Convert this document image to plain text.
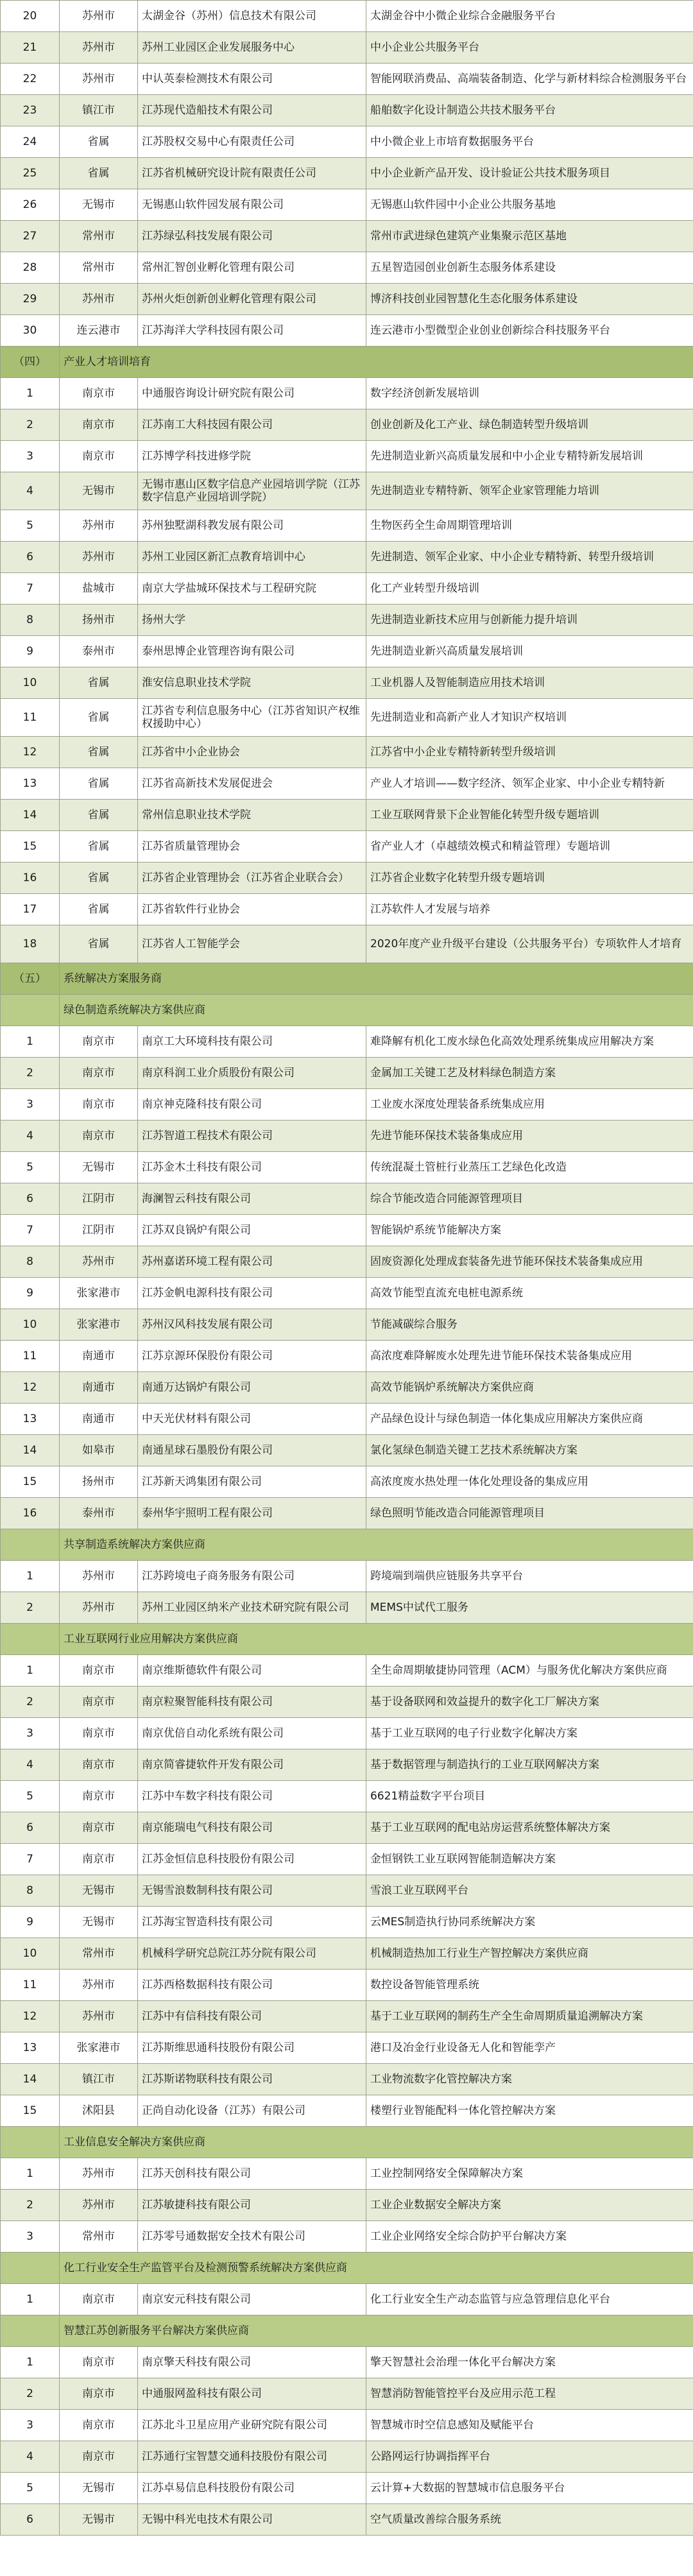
20	苏州市	太湖金谷（苏州）信息技术有限公司	太湖金谷中小微企业综合金融服务平台
21	苏州市	苏州工业园区企业发展服务中心	中小企业公共服务平台
22	苏州市	中认英泰检测技术有限公司	智能网联消费品、高端装备制造、化学与新材料综合检测服务平台
23	镇江市	江苏现代造船技术有限公司	船舶数字化设计制造公共技术服务平台
24	省属	江苏股权交易中心有限责任公司	中小微企业上市培育数据服务平台
25	省属	江苏省机械研究设计院有限责任公司	中小企业新产品开发、设计验证公共技术服务项目
26	无锡市	无锡惠山软件园发展有限公司	无锡惠山软件园中小企业公共服务基地
27	常州市	江苏绿弘科技发展有限公司	常州市武进绿色建筑产业集聚示范区基地
28	常州市	常州汇智创业孵化管理有限公司	五星智造园创业创新生态服务体系建设
29	苏州市	苏州火炬创新创业孵化管理有限公司	博济科技创业园智慧化生态化服务体系建设
30	连云港市	江苏海洋大学科技园有限公司	连云港市小型微型企业创业创新综合科技服务平台
（四）	产业人才培训培育		
1	南京市	中通服咨询设计研究院有限公司	数字经济创新发展培训
2	南京市	江苏南工大科技园有限公司	创业创新及化工产业、绿色制造转型升级培训
3	南京市	江苏博学科技进修学院	先进制造业新兴高质量发展和中小企业专精特新发展培训
4	无锡市	无锡市惠山区数字信息产业园培训学院（江苏数字信息产业园培训学院）	先进制造业专精特新、领军企业家管理能力培训
5	苏州市	苏州独墅湖科教发展有限公司	生物医药全生命周期管理培训
6	苏州市	苏州工业园区新汇点教育培训中心	先进制造、领军企业家、中小企业专精特新、转型升级培训
7	盐城市	南京大学盐城环保技术与工程研究院	化工产业转型升级培训
8	扬州市	扬州大学	先进制造业新技术应用与创新能力提升培训
9	泰州市	泰州思博企业管理咨询有限公司	先进制造业新兴高质量发展培训
10	省属	淮安信息职业技术学院	工业机器人及智能制造应用技术培训
11	省属	江苏省专利信息服务中心（江苏省知识产权维权援助中心）	先进制造业和高新产业人才知识产权培训
12	省属	江苏省中小企业协会	江苏省中小企业专精特新转型升级培训
13	省属	江苏省高新技术发展促进会	产业人才培训——数字经济、领军企业家、中小企业专精特新
14	省属	常州信息职业技术学院	工业互联网背景下企业智能化转型升级专题培训
15	省属	江苏省质量管理协会	省产业人才（卓越绩效模式和精益管理）专题培训
16	省属	江苏省企业管理协会（江苏省企业联合会）	江苏省企业数字化转型升级专题培训
17	省属	江苏省软件行业协会	江苏软件人才发展与培养
18	省属	江苏省人工智能学会	2020年度产业升级平台建设（公共服务平台）专项软件人才培育
（五）	系统解决方案服务商		
	绿色制造系统解决方案供应商		
1	南京市	南京工大环境科技有限公司	难降解有机化工废水绿色化高效处理系统集成应用解决方案
2	南京市	南京科润工业介质股份有限公司	金属加工关键工艺及材料绿色制造方案
3	南京市	南京神克隆科技有限公司	工业废水深度处理装备系统集成应用
4	南京市	江苏智道工程技术有限公司	先进节能环保技术装备集成应用
5	无锡市	江苏金木土科技有限公司	传统混凝土管桩行业蒸压工艺绿色化改造
6	江阴市	海澜智云科技有限公司	综合节能改造合同能源管理项目
7	江阴市	江苏双良锅炉有限公司	智能锅炉系统节能解决方案
8	苏州市	苏州嘉诺环境工程有限公司	固废资源化处理成套装备先进节能环保技术装备集成应用
9	张家港市	江苏金帆电源科技有限公司	高效节能型直流充电桩电源系统
10	张家港市	苏州汉风科技发展有限公司	节能减碳综合服务
11	南通市	江苏京源环保股份有限公司	高浓度难降解废水处理先进节能环保技术装备集成应用
12	南通市	南通万达锅炉有限公司	高效节能锅炉系统解决方案供应商
13	南通市	中天光伏材料有限公司	产品绿色设计与绿色制造一体化集成应用解决方案供应商
14	如皋市	南通星球石墨股份有限公司	氯化氢绿色制造关键工艺技术系统解决方案
15	扬州市	江苏新天鸿集团有限公司	高浓度废水热处理一体化处理设备的集成应用
16	泰州市	泰州华宇照明工程有限公司	绿色照明节能改造合同能源管理项目
	共享制造系统解决方案供应商		
1	苏州市	江苏跨境电子商务服务有限公司	跨境端到端供应链服务共享平台
2	苏州市	苏州工业园区纳米产业技术研究院有限公司	MEMS中试代工服务
	工业互联网行业应用解决方案供应商		
1	南京市	南京维斯德软件有限公司	全生命周期敏捷协同管理（ACM）与服务优化解决方案供应商
2	南京市	南京粒聚智能科技有限公司	基于设备联网和效益提升的数字化工厂解决方案
3	南京市	南京优倍自动化系统有限公司	基于工业互联网的电子行业数字化解决方案
4	南京市	南京简睿捷软件开发有限公司	基于数据管理与制造执行的工业互联网解决方案
5	南京市	江苏中车数字科技有限公司	6621精益数字平台项目
6	南京市	南京能瑞电气科技有限公司	基于工业互联网的配电站房运营系统整体解决方案
7	南京市	江苏金恒信息科技股份有限公司	金恒钢铁工业互联网智能制造解决方案
8	无锡市	无锡雪浪数制科技有限公司	雪浪工业互联网平台
9	无锡市	江苏海宝智造科技有限公司	云MES制造执行协同系统解决方案
10	常州市	机械科学研究总院江苏分院有限公司	机械制造热加工行业生产智控解决方案供应商
11	苏州市	江苏西格数据科技有限公司	数控设备智能管理系统
12	苏州市	江苏中有信科技有限公司	基于工业互联网的制药生产全生命周期质量追溯解决方案
13	张家港市	江苏斯维思通科技股份有限公司	港口及冶金行业设备无人化和智能孪产
14	镇江市	江苏斯诺物联科技有限公司	工业物流数字化管控解决方案
15	沭阳县	正尚自动化设备（江苏）有限公司	楼塑行业智能配料一体化管控解决方案
	工业信息安全解决方案供应商		
1	苏州市	江苏天创科技有限公司	工业控制网络安全保障解决方案
2	苏州市	江苏敏捷科技有限公司	工业企业数据安全解决方案
3	常州市	江苏零号通数据安全技术有限公司	工业企业网络安全综合防护平台解决方案
	化工行业安全生产监管平台及检测预警系统解决方案供应商		
1	南京市	南京安元科技有限公司	化工行业安全生产动态监管与应急管理信息化平台
	智慧江苏创新服务平台解决方案供应商		
1	南京市	南京擎天科技有限公司	擎天智慧社会治理一体化平台解决方案
2	南京市	中通服网盈科技有限公司	智慧消防智能管控平台及应用示范工程
3	南京市	江苏北斗卫星应用产业研究院有限公司	智慧城市时空信息感知及赋能平台
4	南京市	江苏通行宝智慧交通科技股份有限公司	公路网运行协调指挥平台
5	无锡市	江苏卓易信息科技股份有限公司	云计算+大数据的智慧城市信息服务平台
6	无锡市	无锡中科光电技术有限公司	空气质量改善综合服务系统
